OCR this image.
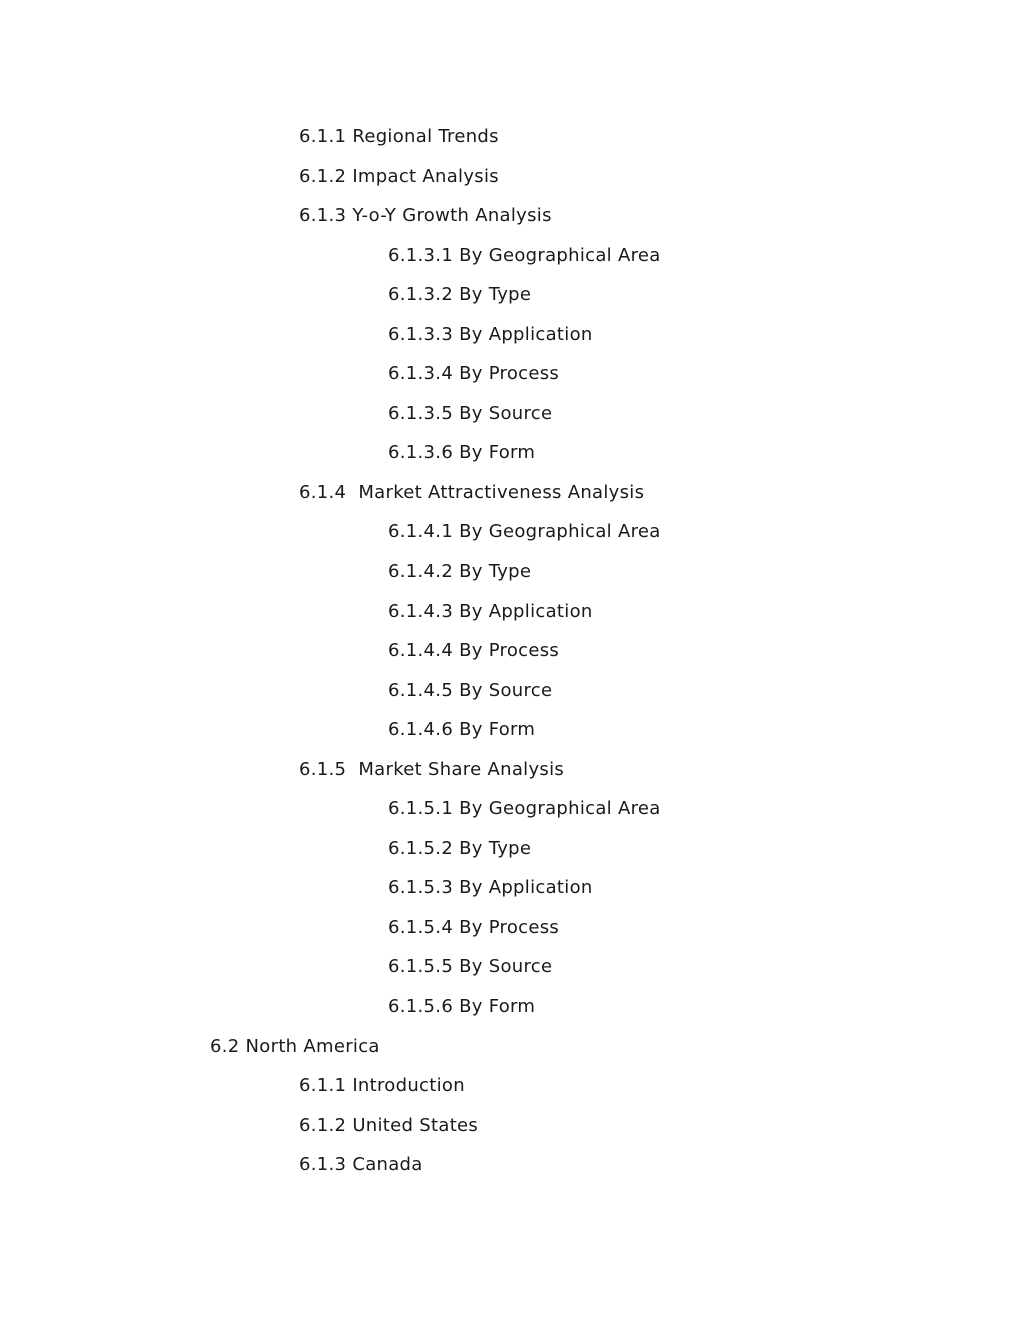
6.1.1 Regional Trends
6.1.2 Impact Analysis
6.1.3 Y-o-Y Growth Analysis
6.1.3.1 By Geographical Area
6.1.3.2 By Type
6.1.3.3 By Application
6.1.3.4 By Process
6.1.3.5 By Source
6.1.3.6 By Form
6.1.4  Market Attractiveness Analysis
6.1.4.1 By Geographical Area
6.1.4.2 By Type
6.1.4.3 By Application
6.1.4.4 By Process
6.1.4.5 By Source
6.1.4.6 By Form
6.1.5  Market Share Analysis
6.1.5.1 By Geographical Area
6.1.5.2 By Type
6.1.5.3 By Application
6.1.5.4 By Process
6.1.5.5 By Source
6.1.5.6 By Form
6.2 North America
6.1.1 Introduction
6.1.2 United States
6.1.3 Canada
